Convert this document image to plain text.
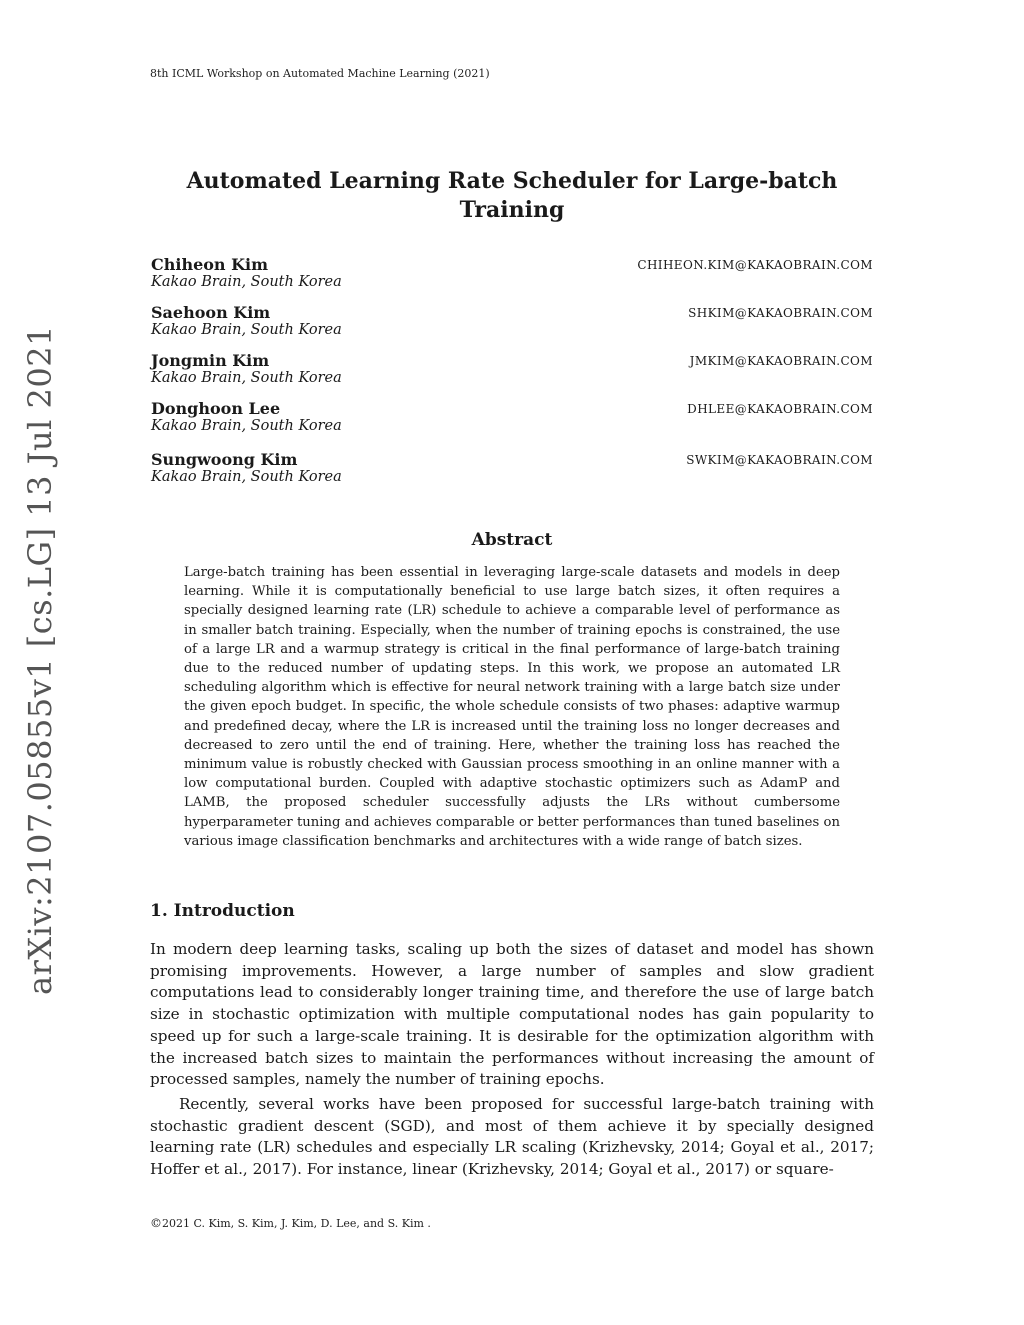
8th ICML Workshop on Automated Machine Learning (2021)
arXiv:2107.05855v1 [cs.LG] 13 Jul 2021
Automated Learning Rate Scheduler for Large-batch Training
Chiheon Kim	CHIHEON.KIM@KAKAOBRAIN.COM
Kakao Brain, South Korea
Saehoon Kim	SHKIM@KAKAOBRAIN.COM
Kakao Brain, South Korea
Jongmin Kim	JMKIM@KAKAOBRAIN.COM
Kakao Brain, South Korea
Donghoon Lee	DHLEE@KAKAOBRAIN.COM
Kakao Brain, South Korea
Sungwoong Kim	SWKIM@KAKAOBRAIN.COM
Kakao Brain, South Korea
Abstract

Large-batch training has been essential in leveraging large-scale datasets and models in deep learning. While it is computationally beneficial to use large batch sizes, it often requires a specially designed learning rate (LR) schedule to achieve a comparable level of performance as in smaller batch training. Especially, when the number of training epochs is constrained, the use of a large LR and a warmup strategy is critical in the final performance of large-batch training due to the reduced number of updating steps. In this work, we propose an automated LR scheduling algorithm which is effective for neural network training with a large batch size under the given epoch budget. In specific, the whole schedule consists of two phases: adaptive warmup and predefined decay, where the LR is increased until the training loss no longer decreases and decreased to zero until the end of training. Here, whether the training loss has reached the minimum value is robustly checked with Gaussian process smoothing in an online manner with a low computational burden. Coupled with adaptive stochastic optimizers such as AdamP and LAMB, the proposed scheduler successfully adjusts the LRs without cumbersome hyperparameter tuning and achieves comparable or better performances than tuned baselines on various image classification benchmarks and architectures with a wide range of batch sizes.

1. Introduction

In modern deep learning tasks, scaling up both the sizes of dataset and model has shown promising improvements. However, a large number of samples and slow gradient computations lead to considerably longer training time, and therefore the use of large batch size in stochastic optimization with multiple computational nodes has gain popularity to speed up for such a large-scale training. It is desirable for the optimization algorithm with the increased batch sizes to maintain the performances without increasing the amount of processed samples, namely the number of training epochs.

Recently, several works have been proposed for successful large-batch training with stochastic gradient descent (SGD), and most of them achieve it by specially designed learning rate (LR) schedules and especially LR scaling (Krizhevsky, 2014; Goyal et al., 2017; Hoffer et al., 2017). For instance, linear (Krizhevsky, 2014; Goyal et al., 2017) or square-

©2021 C. Kim, S. Kim, J. Kim, D. Lee, and S. Kim .
